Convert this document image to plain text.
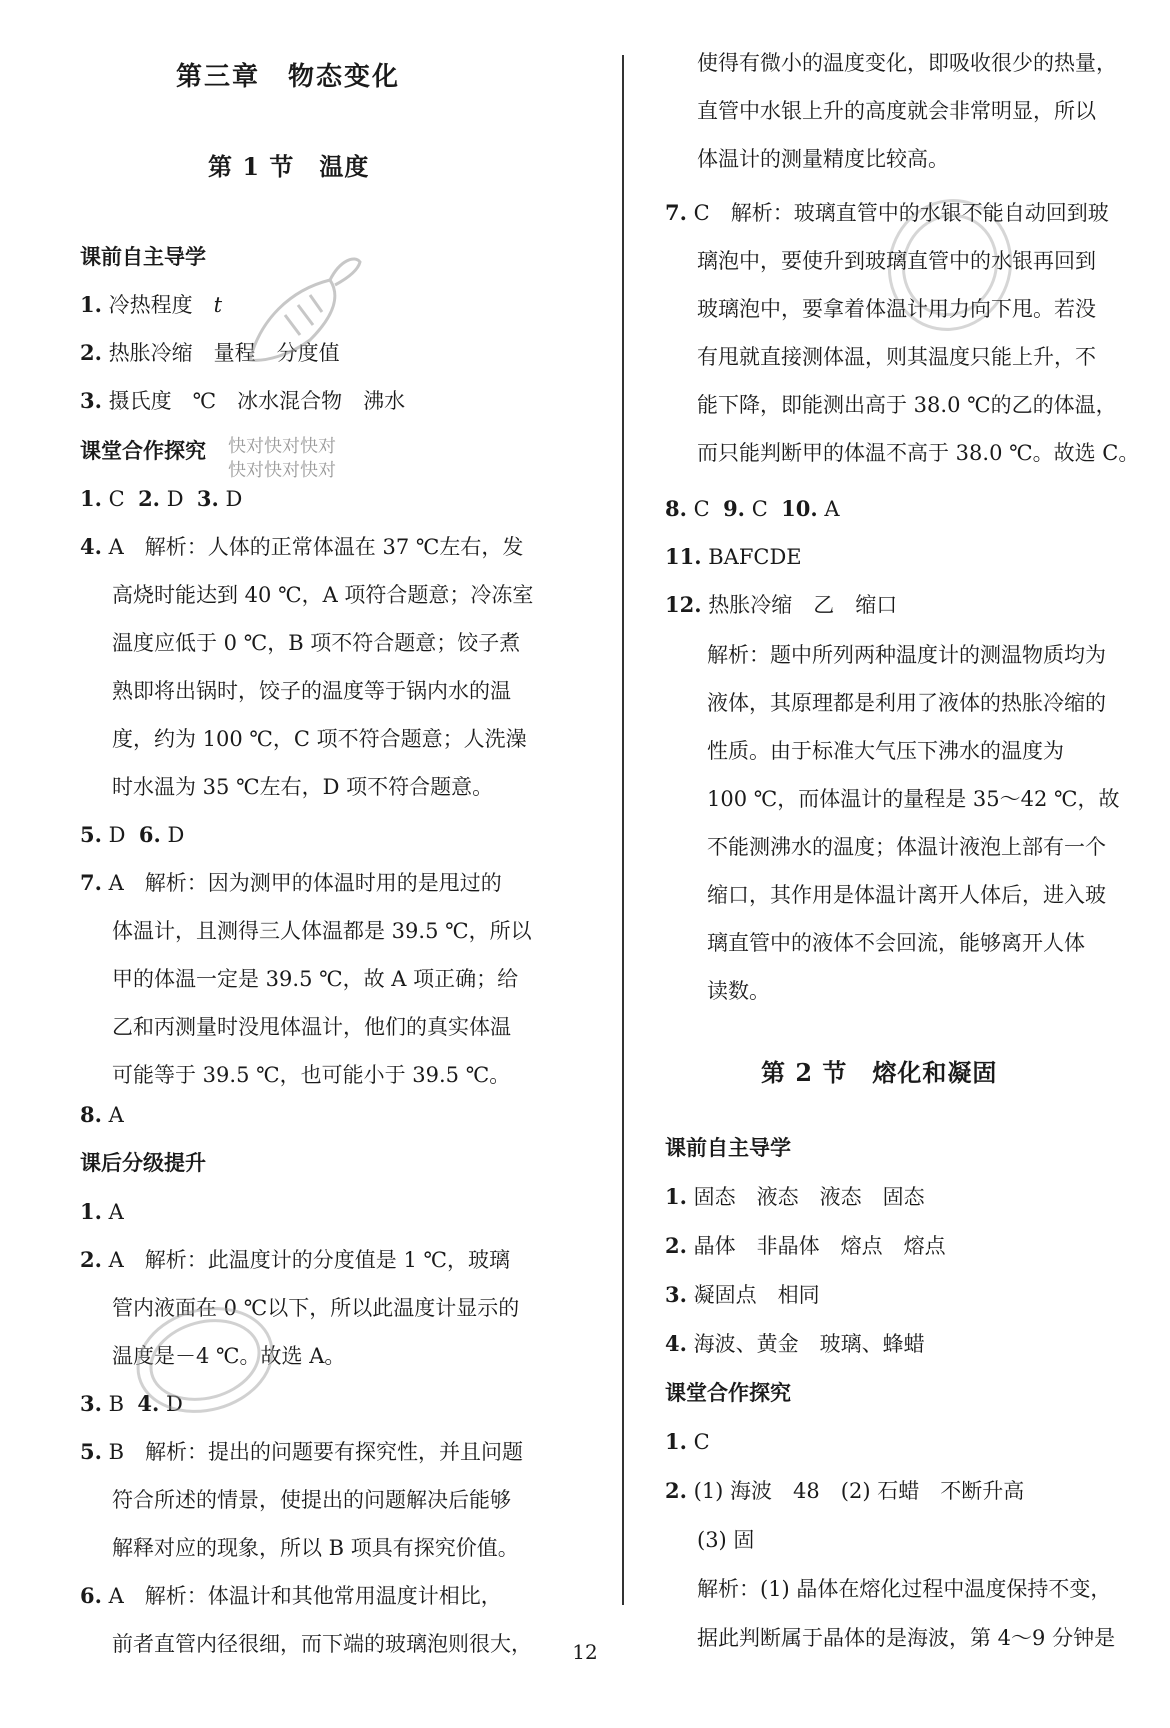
第三章　物态变化
第 1 节　温度
课前自主导学
1. 冷热程度　t
2. 热胀冷缩　量程　分度值
3. 摄氏度　℃　冰水混合物　沸水
课堂合作探究
1. C 2. D 3. D
4. A　解析：人体的正常体温在 37 ℃左右，发
高烧时能达到 40 ℃，A 项符合题意；冷冻室
温度应低于 0 ℃，B 项不符合题意；饺子煮
熟即将出锅时，饺子的温度等于锅内水的温
度，约为 100 ℃，C 项不符合题意；人洗澡
时水温为 35 ℃左右，D 项不符合题意。
5. D 6. D
7. A　解析：因为测甲的体温时用的是甩过的
体温计，且测得三人体温都是 39.5 ℃，所以
甲的体温一定是 39.5 ℃，故 A 项正确；给
乙和丙测量时没甩体温计，他们的真实体温
可能等于 39.5 ℃，也可能小于 39.5 ℃。
8. A
课后分级提升
1. A
2. A　解析：此温度计的分度值是 1 ℃，玻璃
管内液面在 0 ℃以下，所以此温度计显示的
温度是－4 ℃。故选 A。
3. B 4. D
5. B　解析：提出的问题要有探究性，并且问题
符合所述的情景，使提出的问题解决后能够
解释对应的现象，所以 B 项具有探究价值。
6. A　解析：体温计和其他常用温度计相比，
前者直管内径很细，而下端的玻璃泡则很大，
快对快对快对
快对快对快对
使得有微小的温度变化，即吸收很少的热量，
直管中水银上升的高度就会非常明显，所以
体温计的测量精度比较高。
7. C　解析：玻璃直管中的水银不能自动回到玻
璃泡中，要使升到玻璃直管中的水银再回到
玻璃泡中，要拿着体温计用力向下甩。若没
有甩就直接测体温，则其温度只能上升，不
能下降，即能测出高于 38.0 ℃的乙的体温，
而只能判断甲的体温不高于 38.0 ℃。故选 C。
8. C 9. C 10. A
11. BAFCDE
12. 热胀冷缩　乙　缩口
解析：题中所列两种温度计的测温物质均为
液体，其原理都是利用了液体的热胀冷缩的
性质。由于标准大气压下沸水的温度为
100 ℃，而体温计的量程是 35～42 ℃，故
不能测沸水的温度；体温计液泡上部有一个
缩口，其作用是体温计离开人体后，进入玻
璃直管中的液体不会回流，能够离开人体
读数。
第 2 节　熔化和凝固
课前自主导学
1. 固态　液态　液态　固态
2. 晶体　非晶体　熔点　熔点
3. 凝固点　相同
4. 海波、黄金　玻璃、蜂蜡
课堂合作探究
1. C
2. (1) 海波　48　(2) 石蜡　不断升高
(3) 固
解析：(1) 晶体在熔化过程中温度保持不变，
据此判断属于晶体的是海波，第 4～9 分钟是
12
